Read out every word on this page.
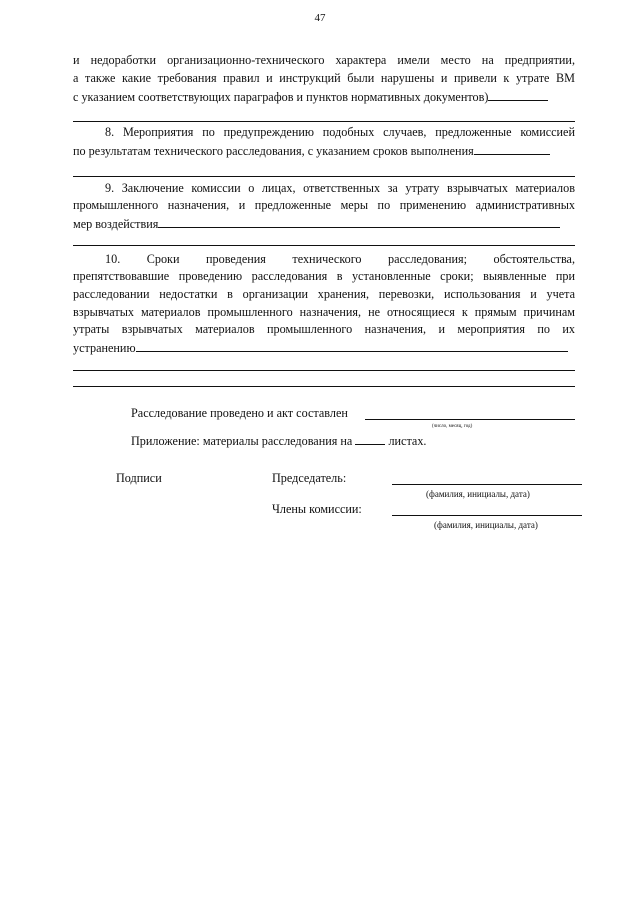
47
и недоработки организационно-технического характера имели место на предприятии,
а также какие требования правил и инструкций были нарушены и привели к утрате ВМ
с указанием соответствующих параграфов и пунктов нормативных документов)
8. Мероприятия по предупреждению подобных случаев, предложенные комиссией
по результатам технического расследования, с указанием сроков выполнения
9. Заключение комиссии о лицах, ответственных за утрату взрывчатых материалов
промышленного назначения, и предложенные меры по применению административных
мер воздействия
10. Сроки проведения технического расследования; обстоятельства,
препятствовавшие проведению расследования в установленные сроки; выявленные при
расследовании недостатки в организации хранения, перевозки, использования и учета
взрывчатых материалов промышленного назначения, не относящиеся к прямым причинам
утраты взрывчатых материалов промышленного назначения, и мероприятия по их
устранению
Расследование проведено и акт составлен
(число, месяц, год)
Приложение: материалы расследования на	листах.
Подписи	Председатель:
(фамилия, инициалы, дата)
Члены комиссии:
(фамилия, инициалы, дата)
